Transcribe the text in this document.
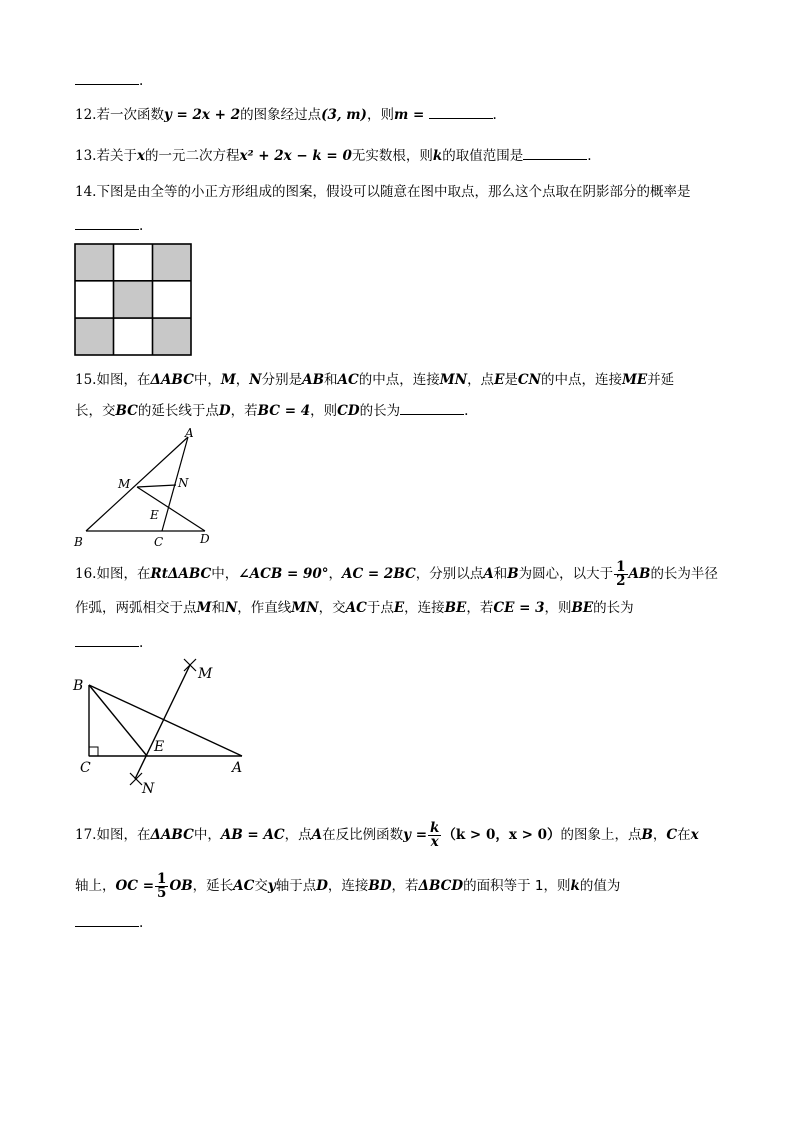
.
12.若一次函数y = 2x + 2的图象经过点(3, m)，则m =	.
13.若关于x的一元二次方程x² + 2x − k = 0无实数根，则k的取值范围是	.
14.下图是由全等的小正方形组成的图案，假设可以随意在图中取点，那么这个点取在阴影部分的概率是
.
15.如图，在ΔABC中，M，N分别是AB和AC的中点，连接MN，点E是CN的中点，连接ME并延
长，交BC的延长线于点D，若BC = 4，则CD的长为	.
A
M	N
E
B	C	D
16.如图，在RtΔABC中，∠ACB = 90°，AC = 2BC，分别以点A和B为圆心，以大于 $\frac{1}{2}$ AB的长为半径
作弧，两弧相交于点M和N，作直线MN，交AC于点E，连接BE，若CE = 3，则BE的长为
.
B
M
E
C	A
N
17.如图，在ΔABC中，AB = AC，点A在反比例函数$y = \frac{k}{x} (k > 0$，x > 0）的图象上，点B，C在x
轴上，OC = $\frac{1}{5}$ OB，延长AC交y轴于点D，连接BD，若ΔBCD的面积等于 1，则k的值为
.
